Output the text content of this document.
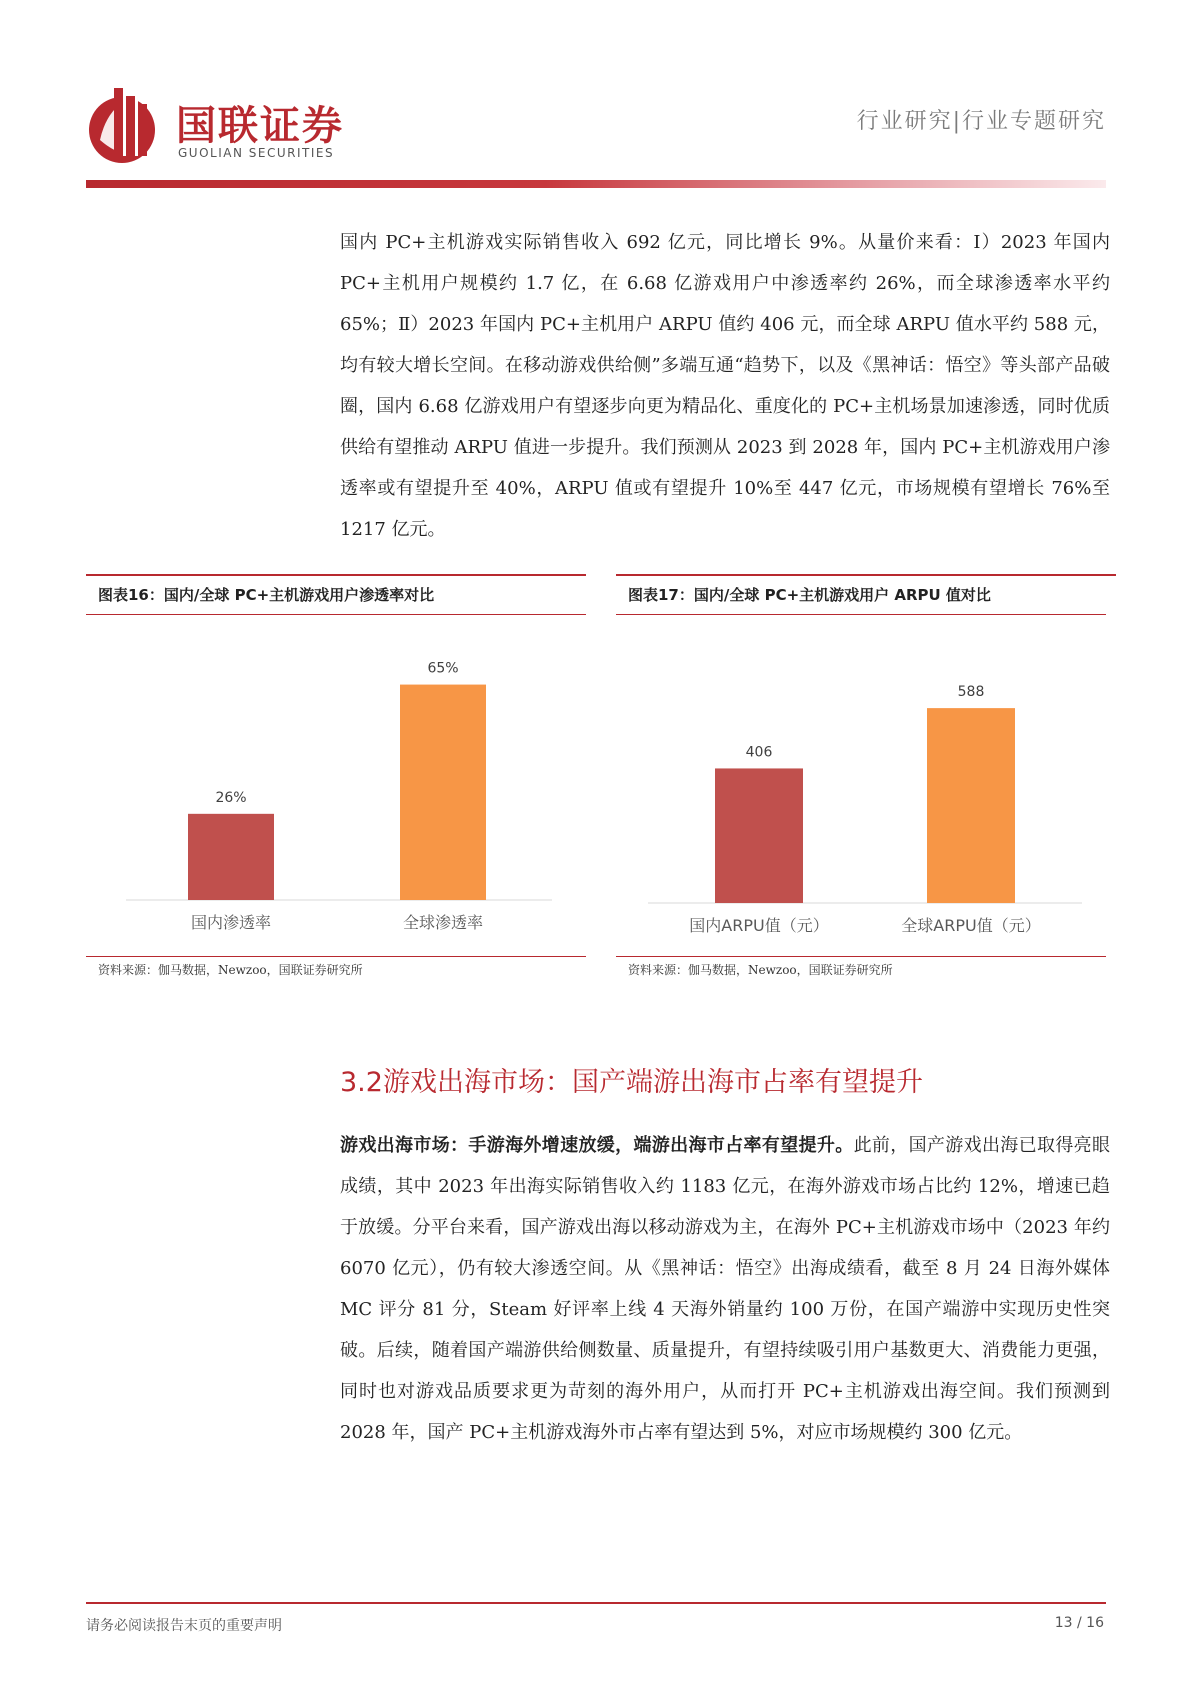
国联证券
GUOLIAN SECURITIES
行业研究|行业专题研究
国内 PC+主机游戏实际销售收入 692 亿元，同比增长 9%。从量价来看：Ⅰ）2023 年国内 PC+主机用户规模约 1.7 亿，在 6.68 亿游戏用户中渗透率约 26%，而全球渗透率水平约 65%；Ⅱ）2023 年国内 PC+主机用户 ARPU 值约 406 元，而全球 ARPU 值水平约 588 元，均有较大增长空间。在移动游戏供给侧”多端互通“趋势下，以及《黑神话：悟空》等头部产品破圈，国内 6.68 亿游戏用户有望逐步向更为精品化、重度化的 PC+主机场景加速渗透，同时优质供给有望推动 ARPU 值进一步提升。我们预测从 2023 到 2028 年，国内 PC+主机游戏用户渗透率或有望提升至 40%，ARPU 值或有望提升 10%至 447 亿元，市场规模有望增长 76%至 1217 亿元。
图表16：国内/全球 PC+主机游戏用户渗透率对比
26%
国内渗透率
65%
全球渗透率
资料来源：伽马数据，Newzoo，国联证券研究所
图表17：国内/全球 PC+主机游戏用户 ARPU 值对比
406
国内ARPU值（元）
588
全球ARPU值（元）
资料来源：伽马数据，Newzoo，国联证券研究所
3.2游戏出海市场：国产端游出海市占率有望提升
游戏出海市场：手游海外增速放缓，端游出海市占率有望提升。此前，国产游戏出海已取得亮眼成绩，其中 2023 年出海实际销售收入约 1183 亿元，在海外游戏市场占比约 12%，增速已趋于放缓。分平台来看，国产游戏出海以移动游戏为主，在海外 PC+主机游戏市场中（2023 年约 6070 亿元），仍有较大渗透空间。从《黑神话：悟空》出海成绩看，截至 8 月 24 日海外媒体 MC 评分 81 分，Steam 好评率上线 4 天海外销量约 100 万份，在国产端游中实现历史性突破。后续，随着国产端游供给侧数量、质量提升，有望持续吸引用户基数更大、消费能力更强，同时也对游戏品质要求更为苛刻的海外用户，从而打开 PC+主机游戏出海空间。我们预测到 2028 年，国产 PC+主机游戏海外市占率有望达到 5%，对应市场规模约 300 亿元。
请务必阅读报告末页的重要声明	13 / 16
